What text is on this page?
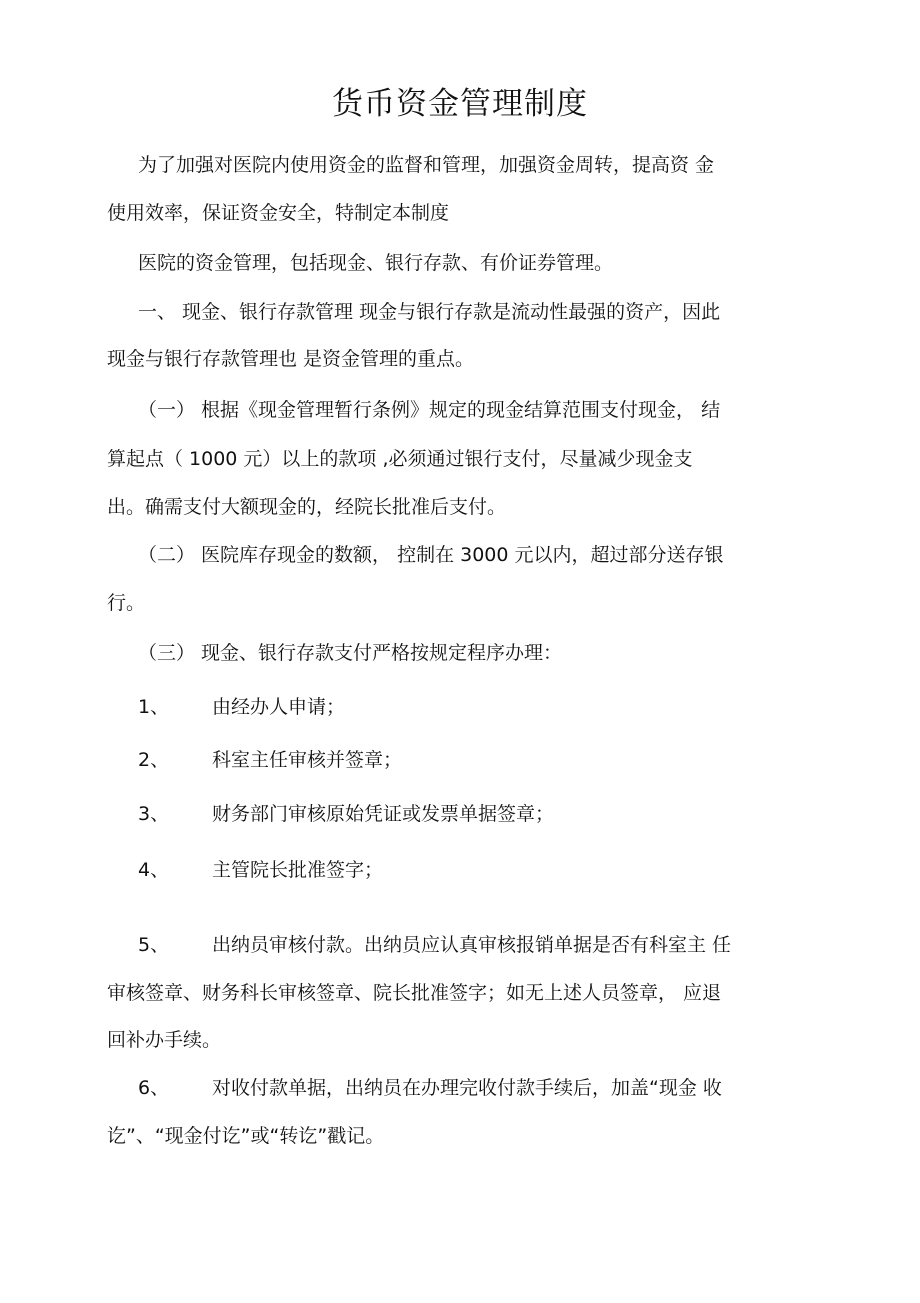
货币资金管理制度
为了加强对医院内使用资金的监督和管理，加强资金周转，提高资 金
使用效率，保证资金安全，特制定本制度
医院的资金管理，包括现金、银行存款、有价证券管理。
一、 现金、银行存款管理 现金与银行存款是流动性最强的资产，因此
现金与银行存款管理也 是资金管理的重点。
（一） 根据《现金管理暂行条例》规定的现金结算范围支付现金， 结
算起点（ 1000 元）以上的款项 ,必须通过银行支付，尽量减少现金支
出。确需支付大额现金的，经院长批准后支付。
（二） 医院库存现金的数额， 控制在 3000 元以内，超过部分送存银
行。
（三） 现金、银行存款支付严格按规定程序办理：
1、 由经办人申请；
2、 科室主任审核并签章；
3、 财务部门审核原始凭证或发票单据签章；
4、 主管院长批准签字；
5、 出纳员审核付款。出纳员应认真审核报销单据是否有科室主 任
审核签章、财务科长审核签章、院长批准签字；如无上述人员签章， 应退
回补办手续。
6、 对收付款单据，出纳员在办理完收付款手续后，加盖“现金 收
讫”、“现金付讫”或“转讫”戳记。
